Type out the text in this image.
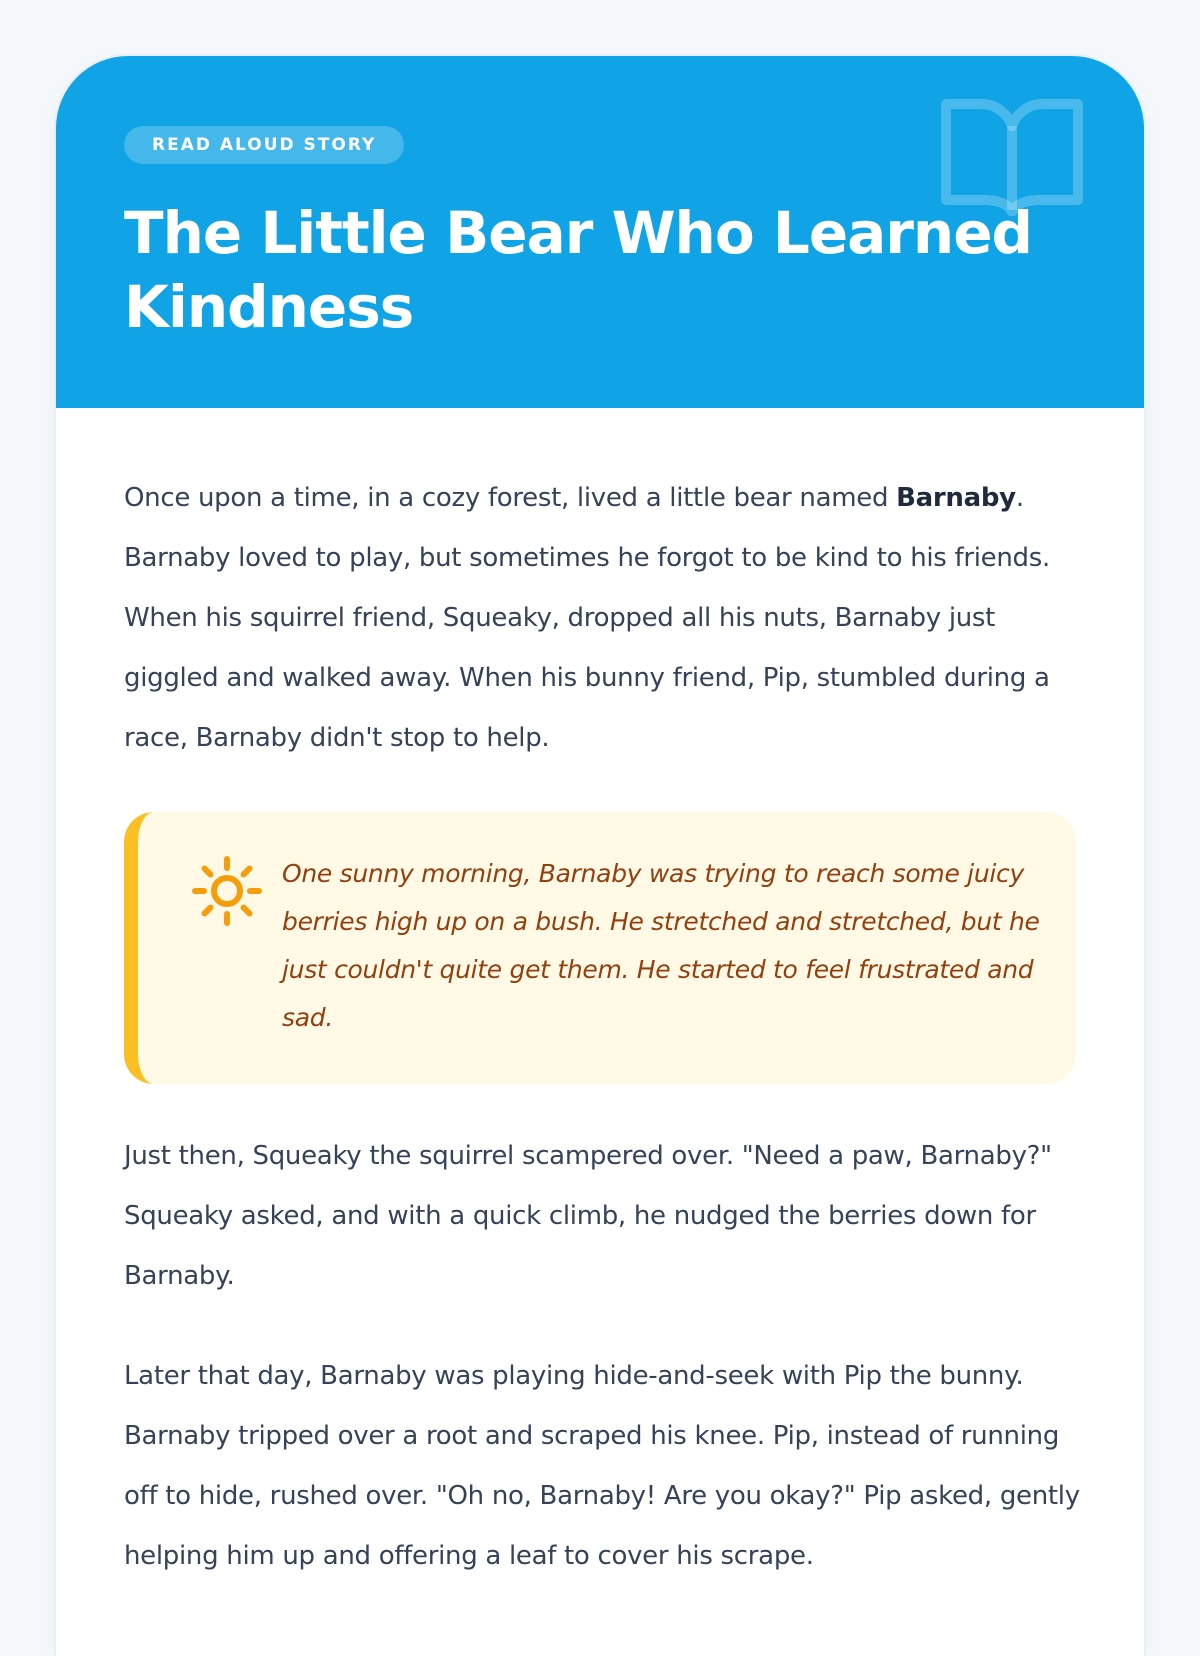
READ ALOUD STORY
The Little Bear Who Learned Kindness

Once upon a time, in a cozy forest, lived a little bear named Barnaby. Barnaby loved to play, but sometimes he forgot to be kind to his friends. When his squirrel friend, Squeaky, dropped all his nuts, Barnaby just giggled and walked away. When his bunny friend, Pip, stumbled during a race, Barnaby didn't stop to help.

One sunny morning, Barnaby was trying to reach some juicy berries high up on a bush. He stretched and stretched, but he just couldn't quite get them. He started to feel frustrated and sad.

Just then, Squeaky the squirrel scampered over. "Need a paw, Barnaby?" Squeaky asked, and with a quick climb, he nudged the berries down for Barnaby.

Later that day, Barnaby was playing hide-and-seek with Pip the bunny. Barnaby tripped over a root and scraped his knee. Pip, instead of running off to hide, rushed over. "Oh no, Barnaby! Are you okay?" Pip asked, gently helping him up and offering a leaf to cover his scrape.
